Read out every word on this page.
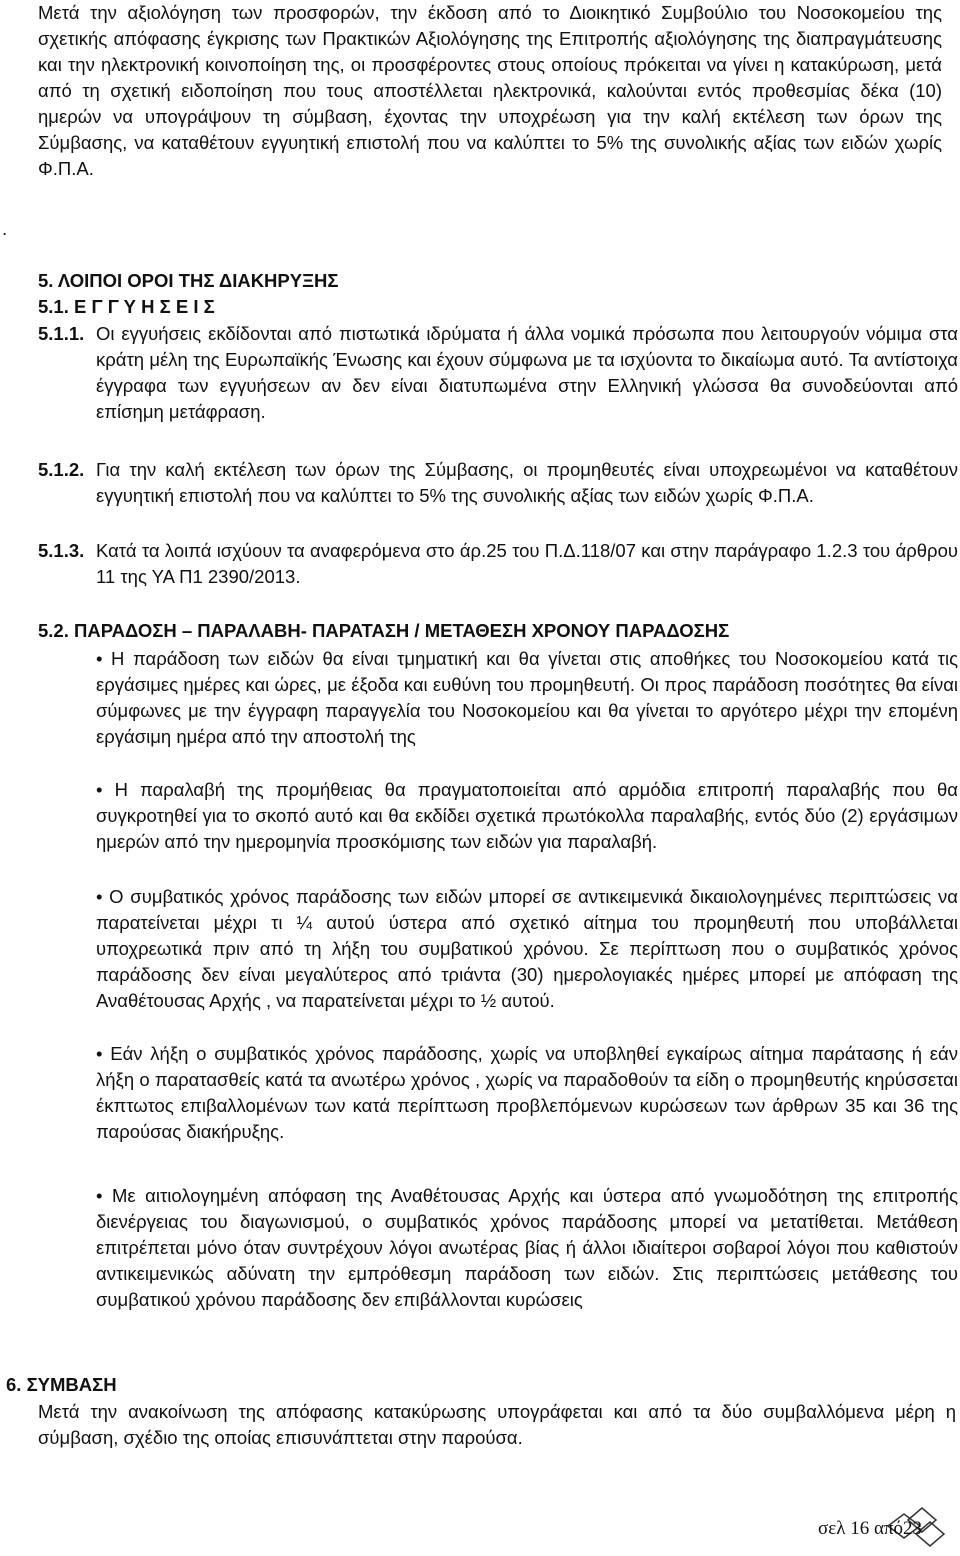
.
Μετά την αξιολόγηση των προσφορών, την έκδοση από το Διοικητικό Συμβούλιο του Νοσοκομείου της σχετικής απόφασης έγκρισης των Πρακτικών Αξιολόγησης της Επιτροπής αξιολόγησης της διαπραγμάτευσης και την ηλεκτρονική κοινοποίηση της, οι προσφέροντες στους οποίους πρόκειται να γίνει η κατακύρωση, μετά από τη σχετική ειδοποίηση που τους αποστέλλεται ηλεκτρονικά, καλούνται εντός προθεσμίας δέκα (10) ημερών να υπογράψουν τη σύμβαση, έχοντας την υποχρέωση για την καλή εκτέλεση των όρων της Σύμβασης, να καταθέτουν εγγυητική επιστολή που να καλύπτει το 5% της συνολικής αξίας των ειδών χωρίς Φ.Π.Α.
5. ΛΟΙΠΟΙ ΟΡΟΙ ΤΗΣ ΔΙΑΚΗΡΥΞΗΣ
5.1. Ε Γ Γ Υ Η Σ Ε Ι Σ
5.1.1. Οι εγγυήσεις εκδίδονται από πιστωτικά ιδρύματα ή άλλα νομικά πρόσωπα που λειτουργούν νόμιμα στα κράτη μέλη της Ευρωπαϊκής Ένωσης και έχουν σύμφωνα με τα ισχύοντα το δικαίωμα αυτό. Τα αντίστοιχα έγγραφα των εγγυήσεων αν δεν είναι διατυπωμένα στην Ελληνική γλώσσα θα συνοδεύονται από επίσημη μετάφραση.
5.1.2. Για την καλή εκτέλεση των όρων της Σύμβασης, οι προμηθευτές είναι υποχρεωμένοι να καταθέτουν εγγυητική επιστολή που να καλύπτει το 5% της συνολικής αξίας των ειδών χωρίς Φ.Π.Α.
5.1.3. Κατά τα λοιπά ισχύουν τα αναφερόμενα στο άρ.25 του Π.Δ.118/07 και στην παράγραφο 1.2.3 του άρθρου 11 της ΥΑ Π1 2390/2013.
5.2. ΠΑΡΑΔΟΣΗ – ΠΑΡΑΛΑΒΗ- ΠΑΡΑΤΑΣΗ / ΜΕΤΑΘΕΣΗ ΧΡΟΝΟΥ ΠΑΡΑΔΟΣΗΣ
• Η παράδοση των ειδών θα είναι τμηματική και θα γίνεται στις αποθήκες του Νοσοκομείου κατά τις εργάσιμες ημέρες και ώρες, με έξοδα και ευθύνη του προμηθευτή. Οι προς παράδοση ποσότητες θα είναι σύμφωνες με την έγγραφη παραγγελία του Νοσοκομείου και θα γίνεται το αργότερο μέχρι την επομένη εργάσιμη ημέρα από την αποστολή της
• Η παραλαβή της προμήθειας θα πραγματοποιείται από αρμόδια επιτροπή παραλαβής που θα συγκροτηθεί για το σκοπό αυτό και θα εκδίδει σχετικά πρωτόκολλα παραλαβής, εντός δύο (2) εργάσιμων ημερών από την ημερομηνία προσκόμισης των ειδών για παραλαβή.
• Ο συμβατικός χρόνος παράδοσης των ειδών μπορεί σε αντικειμενικά δικαιολογημένες περιπτώσεις να παρατείνεται μέχρι τι ¼ αυτού ύστερα από σχετικό αίτημα του προμηθευτή που υποβάλλεται υποχρεωτικά πριν από τη λήξη του συμβατικού χρόνου. Σε περίπτωση που ο συμβατικός χρόνος παράδοσης δεν είναι μεγαλύτερος από τριάντα (30) ημερολογιακές ημέρες μπορεί με απόφαση της Αναθέτουσας Αρχής , να παρατείνεται μέχρι το ½ αυτού.
• Εάν λήξη ο συμβατικός χρόνος παράδοσης, χωρίς να υποβληθεί εγκαίρως αίτημα παράτασης ή εάν λήξη ο παρατασθείς κατά τα ανωτέρω χρόνος , χωρίς να παραδοθούν τα είδη ο προμηθευτής κηρύσσεται έκπτωτος επιβαλλομένων των κατά περίπτωση προβλεπόμενων κυρώσεων των άρθρων 35 και 36 της παρούσας διακήρυξης.
• Με αιτιολογημένη απόφαση της Αναθέτουσας Αρχής και ύστερα από γνωμοδότηση της επιτροπής διενέργειας του διαγωνισμού, ο συμβατικός χρόνος παράδοσης μπορεί να μετατίθεται. Μετάθεση επιτρέπεται μόνο όταν συντρέχουν λόγοι ανωτέρας βίας ή άλλοι ιδιαίτεροι σοβαροί λόγοι που καθιστούν αντικειμενικώς αδύνατη την εμπρόθεσμη παράδοση των ειδών. Στις περιπτώσεις μετάθεσης του συμβατικού χρόνου παράδοσης δεν επιβάλλονται κυρώσεις
6. ΣΥΜΒΑΣΗ
Μετά την ανακοίνωση της απόφασης κατακύρωσης υπογράφεται και από τα δύο συμβαλλόμενα μέρη η σύμβαση, σχέδιο της οποίας επισυνάπτεται στην παρούσα.
σελ 16 από23
